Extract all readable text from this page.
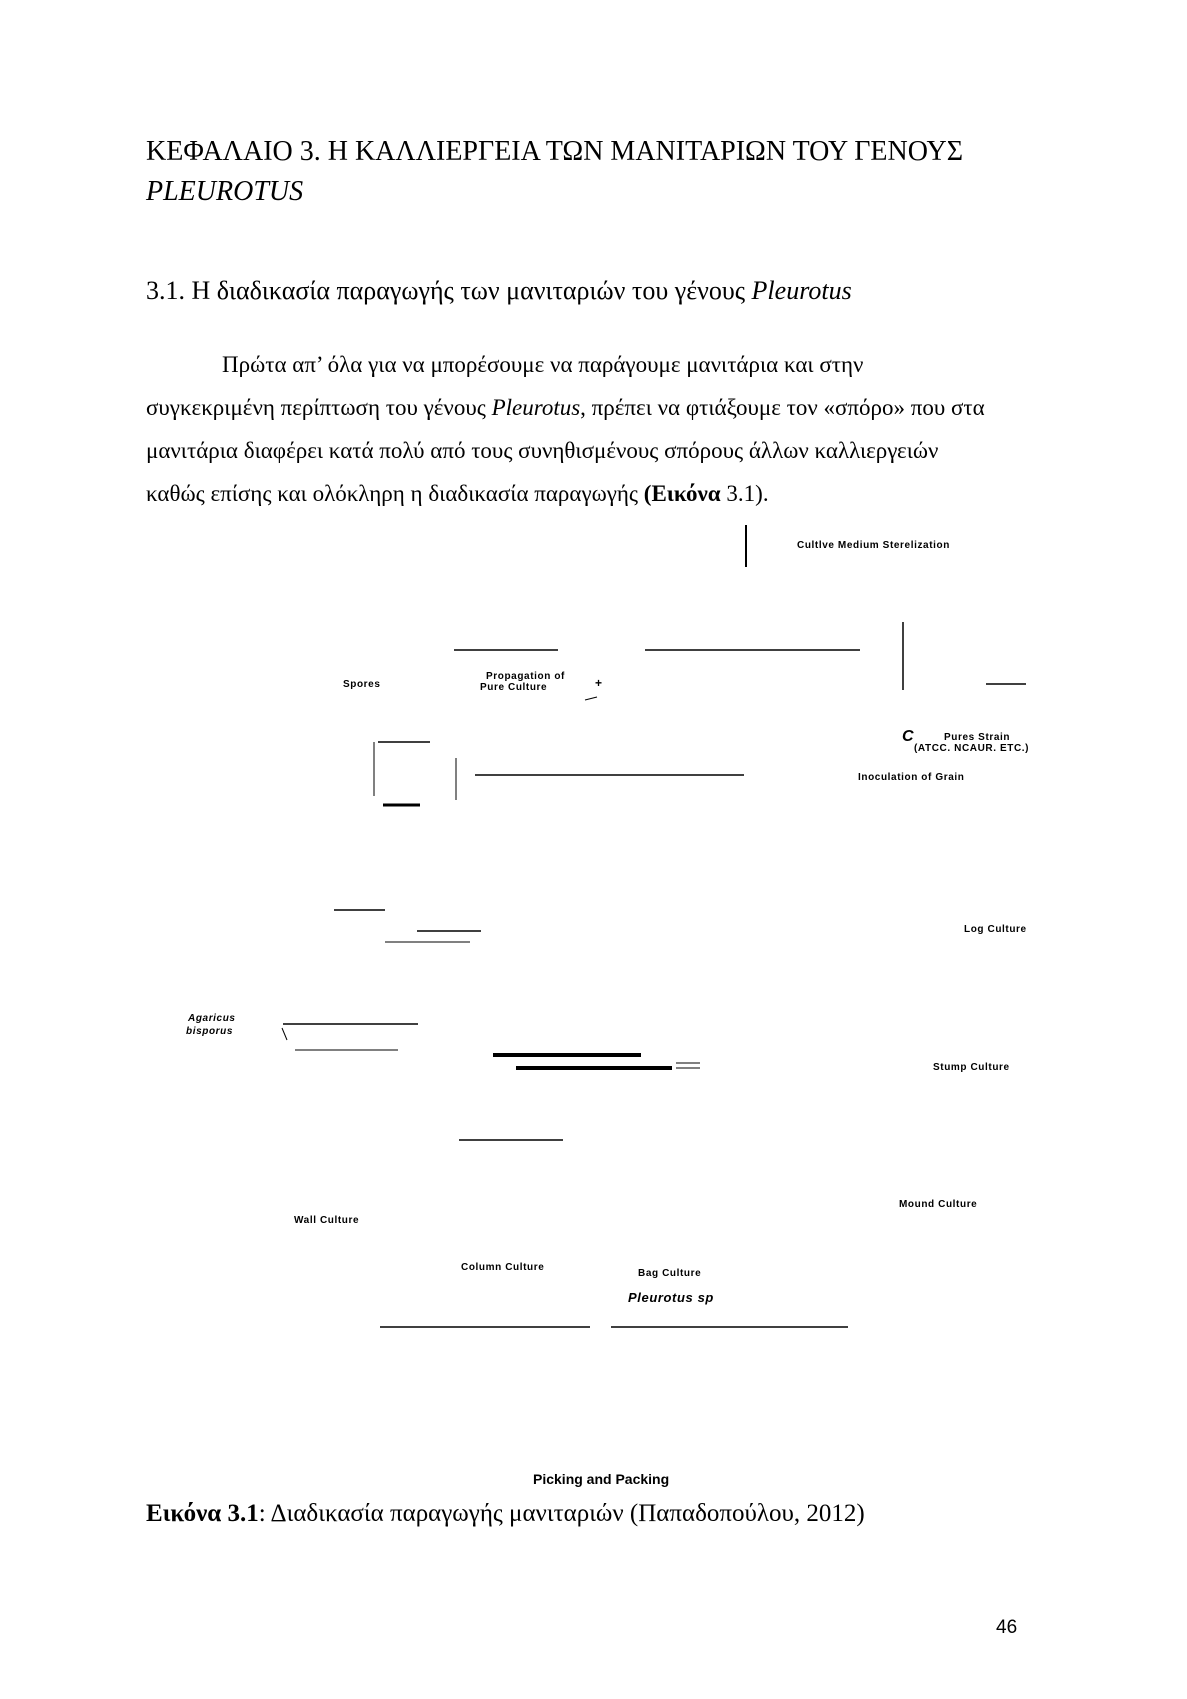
ΚΕΦΑΛΑΙΟ 3. Η ΚΑΛΛΙΕΡΓΕΙΑ ΤΩΝ ΜΑΝΙΤΑΡΙΩΝ ΤΟΥ ΓΕΝΟΥΣ
PLEUROTUS
3.1. Η διαδικασία παραγωγής των μανιταριών του γένους Pleurotus
Πρώτα απ’ όλα για να μπορέσουμε να παράγουμε μανιτάρια και στην
συγκεκριμένη περίπτωση του γένους Pleurotus, πρέπει να φτιάξουμε τον «σπόρο» που στα
μανιτάρια διαφέρει κατά πολύ από τους συνηθισμένους σπόρους άλλων καλλιεργειών
καθώς επίσης και ολόκληρη η διαδικασία παραγωγής (Εικόνα 3.1).
Cultlve Medium Sterelization
Spores
Propagation of
Pure Culture	+
C	Pures Strain
(ATCC. NCAUR. ETC.)
Inoculation of Grain
Log Culture
Agaricus
bisporus
Stump Culture
Mound Culture
Wall Culture
Column Culture
Bag Culture
Pleurotus sp
Picking and Packing
Εικόνα 3.1: Διαδικασία παραγωγής μανιταριών (Παπαδοπούλου, 2012)
46
